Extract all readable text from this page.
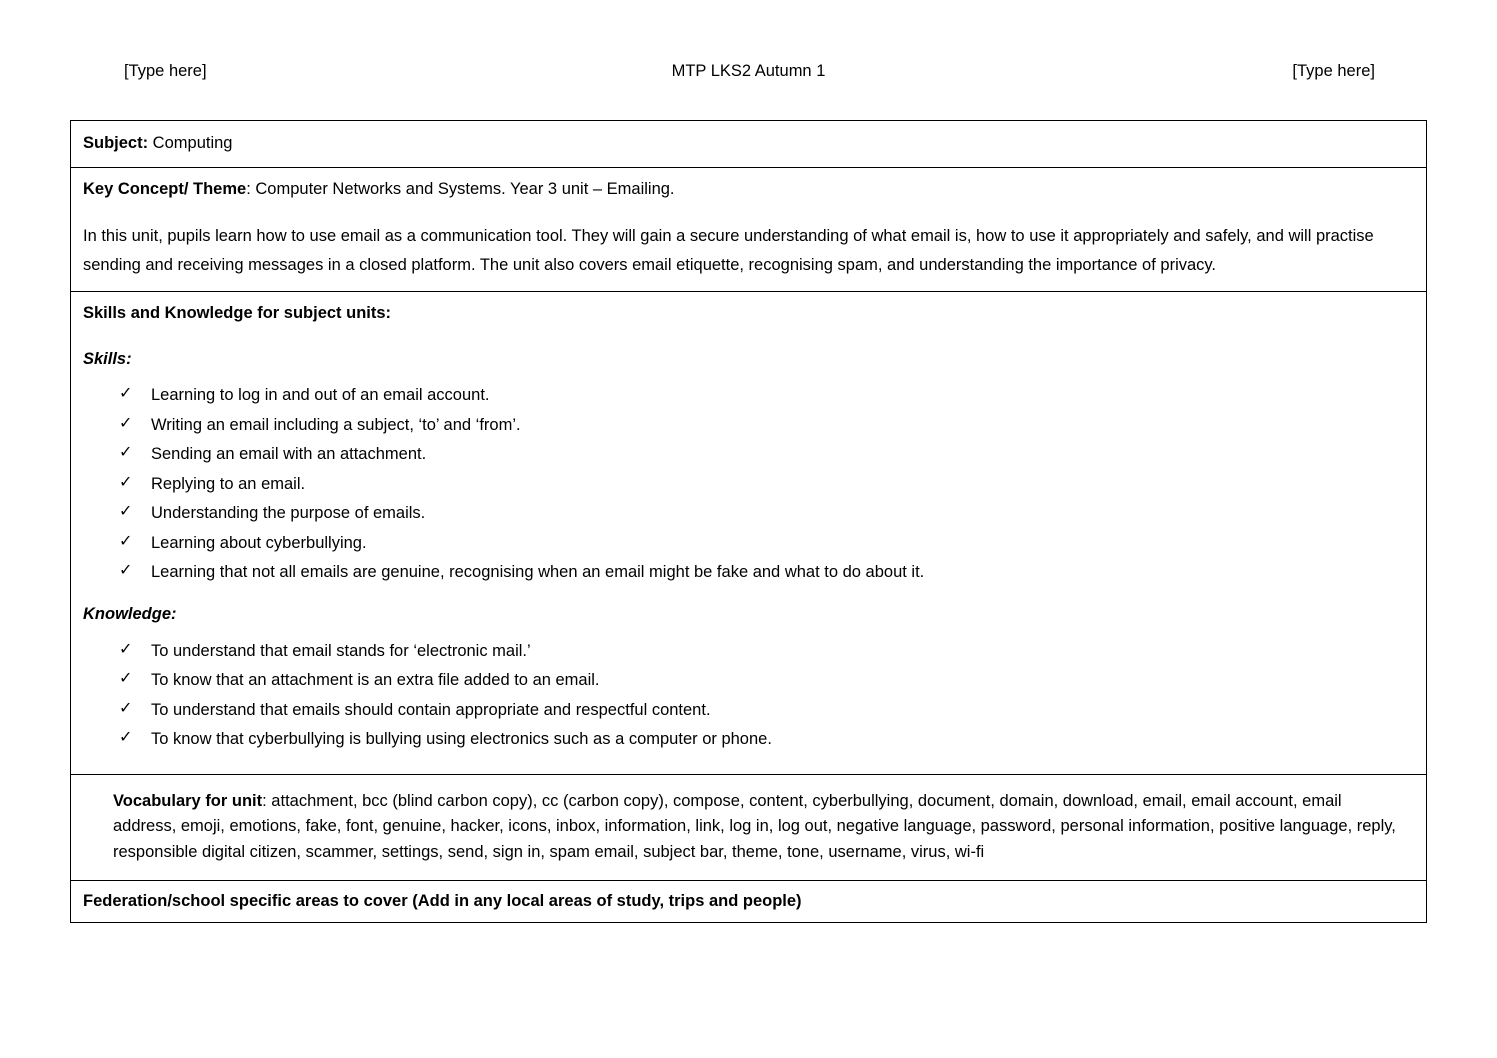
[Type here]	MTP LKS2 Autumn 1	[Type here]
Subject: Computing
Key Concept/ Theme: Computer Networks and Systems. Year 3 unit – Emailing.
In this unit, pupils learn how to use email as a communication tool. They will gain a secure understanding of what email is, how to use it appropriately and safely, and will practise sending and receiving messages in a closed platform. The unit also covers email etiquette, recognising spam, and understanding the importance of privacy.
Skills and Knowledge for subject units:
Skills:
✓ Learning to log in and out of an email account.
✓ Writing an email including a subject, ‘to’ and ‘from’.
✓ Sending an email with an attachment.
✓ Replying to an email.
✓ Understanding the purpose of emails.
✓ Learning about cyberbullying.
✓ Learning that not all emails are genuine, recognising when an email might be fake and what to do about it.
Knowledge:
✓ To understand that email stands for ‘electronic mail.’
✓ To know that an attachment is an extra file added to an email.
✓ To understand that emails should contain appropriate and respectful content.
✓ To know that cyberbullying is bullying using electronics such as a computer or phone.
Vocabulary for unit: attachment, bcc (blind carbon copy), cc (carbon copy), compose, content, cyberbullying, document, domain, download, email, email account, email address, emoji, emotions, fake, font, genuine, hacker, icons, inbox, information, link, log in, log out, negative language, password, personal information, positive language, reply, responsible digital citizen, scammer, settings, send, sign in, spam email, subject bar, theme, tone, username, virus, wi-fi
Federation/school specific areas to cover (Add in any local areas of study, trips and people)
